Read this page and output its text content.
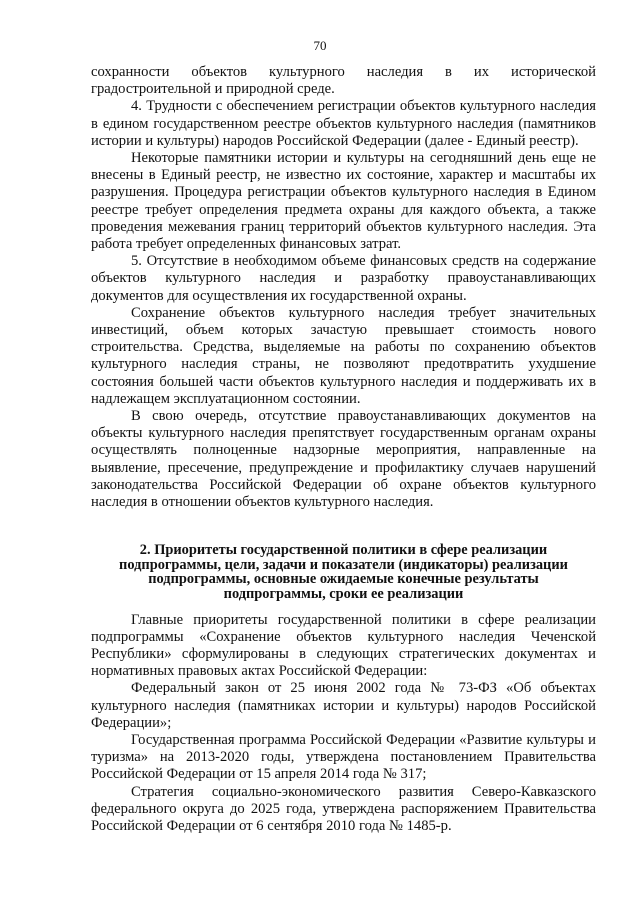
70

сохранности объектов культурного наследия в их исторической градостроительной и природной среде.

4. Трудности с обеспечением регистрации объектов культурного наследия в едином государственном реестре объектов культурного наследия (памятников истории и культуры) народов Российской Федерации (далее - Единый реестр).

Некоторые памятники истории и культуры на сегодняшний день еще не внесены в Единый реестр, не известно их состояние, характер и масштабы их разрушения. Процедура регистрации объектов культурного наследия в Едином реестре требует определения предмета охраны для каждого объекта, а также проведения межевания границ территорий объектов культурного наследия. Эта работа требует определенных финансовых затрат.

5. Отсутствие в необходимом объеме финансовых средств на содержание объектов культурного наследия и разработку правоустанавливающих документов для осуществления их государственной охраны.

Сохранение объектов культурного наследия требует значительных инвестиций, объем которых зачастую превышает стоимость нового строительства. Средства, выделяемые на работы по сохранению объектов культурного наследия страны, не позволяют предотвратить ухудшение состояния большей части объектов культурного наследия и поддерживать их в надлежащем эксплуатационном состоянии.

В свою очередь, отсутствие правоустанавливающих документов на объекты культурного наследия препятствует государственным органам охраны осуществлять полноценные надзорные мероприятия, направленные на выявление, пресечение, предупреждение и профилактику случаев нарушений законодательства Российской Федерации об охране объектов культурного наследия в отношении объектов культурного наследия.

2. Приоритеты государственной политики в сфере реализации подпрограммы, цели, задачи и показатели (индикаторы) реализации подпрограммы, основные ожидаемые конечные результаты подпрограммы, сроки ее реализации

Главные приоритеты государственной политики в сфере реализации подпрограммы «Сохранение объектов культурного наследия Чеченской Республики» сформулированы в следующих стратегических документах и нормативных правовых актах Российской Федерации:

Федеральный закон от 25 июня 2002 года № 73-ФЗ «Об объектах культурного наследия (памятниках истории и культуры) народов Российской Федерации»;

Государственная программа Российской Федерации «Развитие культуры и туризма» на 2013-2020 годы, утверждена постановлением Правительства Российской Федерации от 15 апреля 2014 года № 317;

Стратегия социально-экономического развития Северо-Кавказского федерального округа до 2025 года, утверждена распоряжением Правительства Российской Федерации от 6 сентября 2010 года № 1485-р.
